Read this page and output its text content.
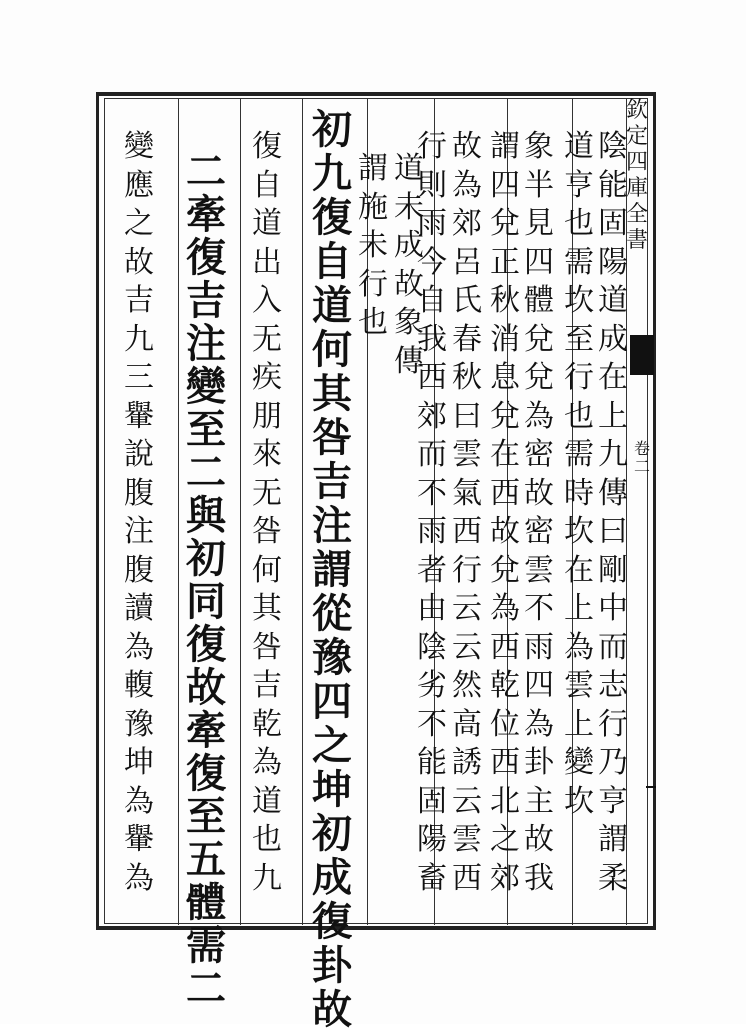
欽
定
四
庫
全
書
卷
二
陰
能
固
陽
道
成
在
上
九
傳
曰
剛
中
而
志
行
乃
亨
謂
柔
道
亨
也
需
坎
至
行
也
需
時
坎
在
上
為
雲
上
變
坎
象
半
見
四
體
兌
兌
為
密
故
密
雲
不
雨
四
為
卦
主
故
我
謂
四
兌
正
秋
消
息
兌
在
西
故
兌
為
西
乾
位
西
北
之
郊
故
為
郊
呂
氏
春
秋
曰
雲
氣
西
行
云
云
然
高
誘
云
雲
西
行
則
雨
今
自
我
西
郊
而
不
雨
者
由
陰
劣
不
能
固
陽
畜
道
未
成
故
象
傳
謂
施
未
行
也
初
九
復
自
道
何
其
咎
吉
注
謂
從
豫
四
之
坤
初
成
復
卦
故
復
自
道
出
入
无
疾
朋
來
无
咎
何
其
咎
吉
乾
為
道
也
九
二
牽
復
吉
注
變
至
二
與
初
同
復
故
牽
復
至
五
體
需
二
變
應
之
故
吉
九
三
轝
說
腹
注
腹
讀
為
輹
豫
坤
為
轝
為
